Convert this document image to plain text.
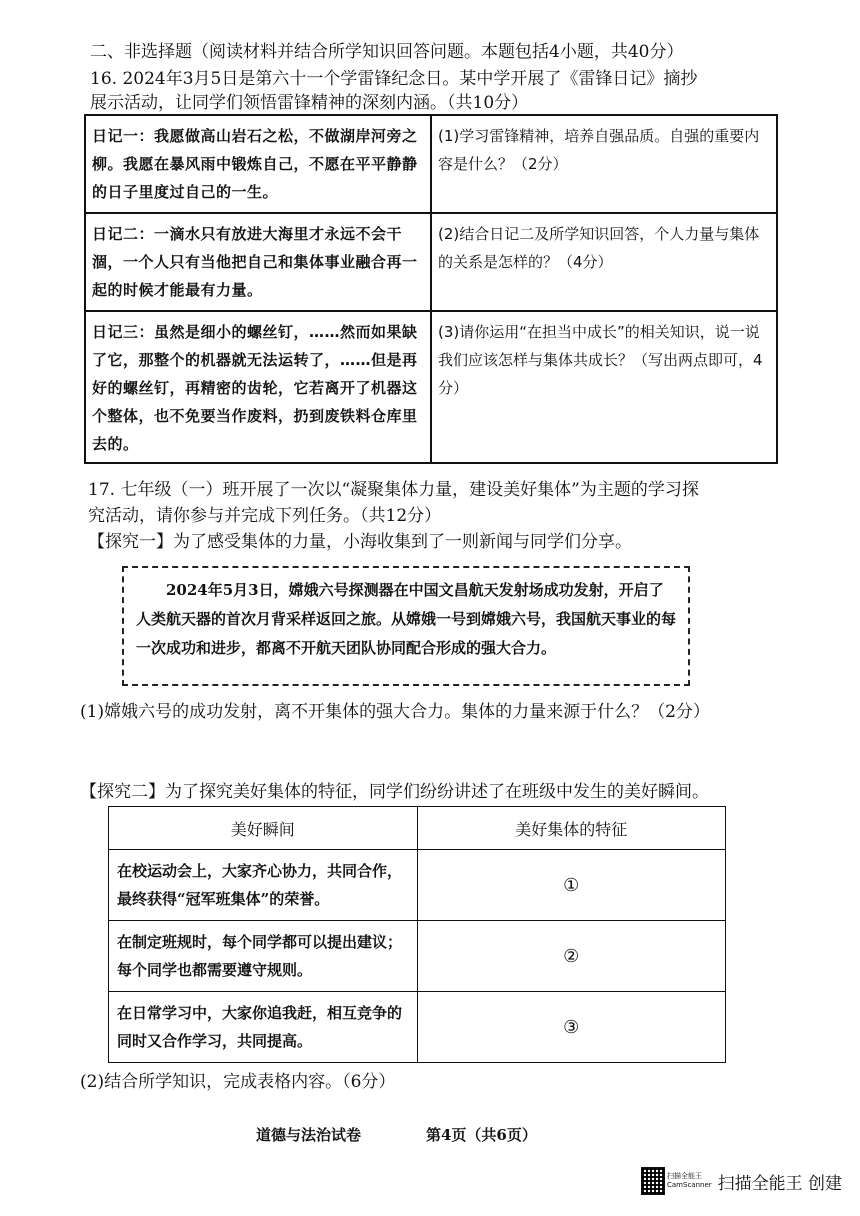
二、非选择题（阅读材料并结合所学知识回答问题。本题包括4小题，共40分）
16. 2024年3月5日是第六十一个学雷锋纪念日。某中学开展了《雷锋日记》摘抄
展示活动，让同学们领悟雷锋精神的深刻内涵。（共10分）
日记一：我愿做高山岩石之松，不做湖岸河旁之柳。我愿在暴风雨中锻炼自己，不愿在平平静静的日子里度过自己的一生。	(1)学习雷锋精神，培养自强品质。自强的重要内容是什么？（2分）
日记二：一滴水只有放进大海里才永远不会干涸，一个人只有当他把自己和集体事业融合再一起的时候才能最有力量。	(2)结合日记二及所学知识回答，个人力量与集体的关系是怎样的？（4分）
日记三：虽然是细小的螺丝钉，……然而如果缺了它，那整个的机器就无法运转了，……但是再好的螺丝钉，再精密的齿轮，它若离开了机器这个整体，也不免要当作废料，扔到废铁料仓库里去的。	(3)请你运用“在担当中成长”的相关知识，说一说我们应该怎样与集体共成长？（写出两点即可，4分）
17. 七年级（一）班开展了一次以“凝聚集体力量，建设美好集体”为主题的学习探
究活动，请你参与并完成下列任务。（共12分）
【探究一】为了感受集体的力量，小海收集到了一则新闻与同学们分享。

2024年5月3日，嫦娥六号探测器在中国文昌航天发射场成功发射，开启了人类航天器的首次月背采样返回之旅。从嫦娥一号到嫦娥六号，我国航天事业的每一次成功和进步，都离不开航天团队协同配合形成的强大合力。

(1)嫦娥六号的成功发射，离不开集体的强大合力。集体的力量来源于什么？（2分）
【探究二】为了探究美好集体的特征，同学们纷纷讲述了在班级中发生的美好瞬间。
美好瞬间	美好集体的特征
在校运动会上，大家齐心协力，共同合作，最终获得“冠军班集体”的荣誉。	①
在制定班规时，每个同学都可以提出建议；每个同学也都需要遵守规则。	②
在日常学习中，大家你追我赶，相互竞争的同时又合作学习，共同提高。	③
(2)结合所学知识，完成表格内容。（6分）
道德与法治试卷	第4页（共6页）
扫描全能王
CamScanner 扫描全能王 创建
